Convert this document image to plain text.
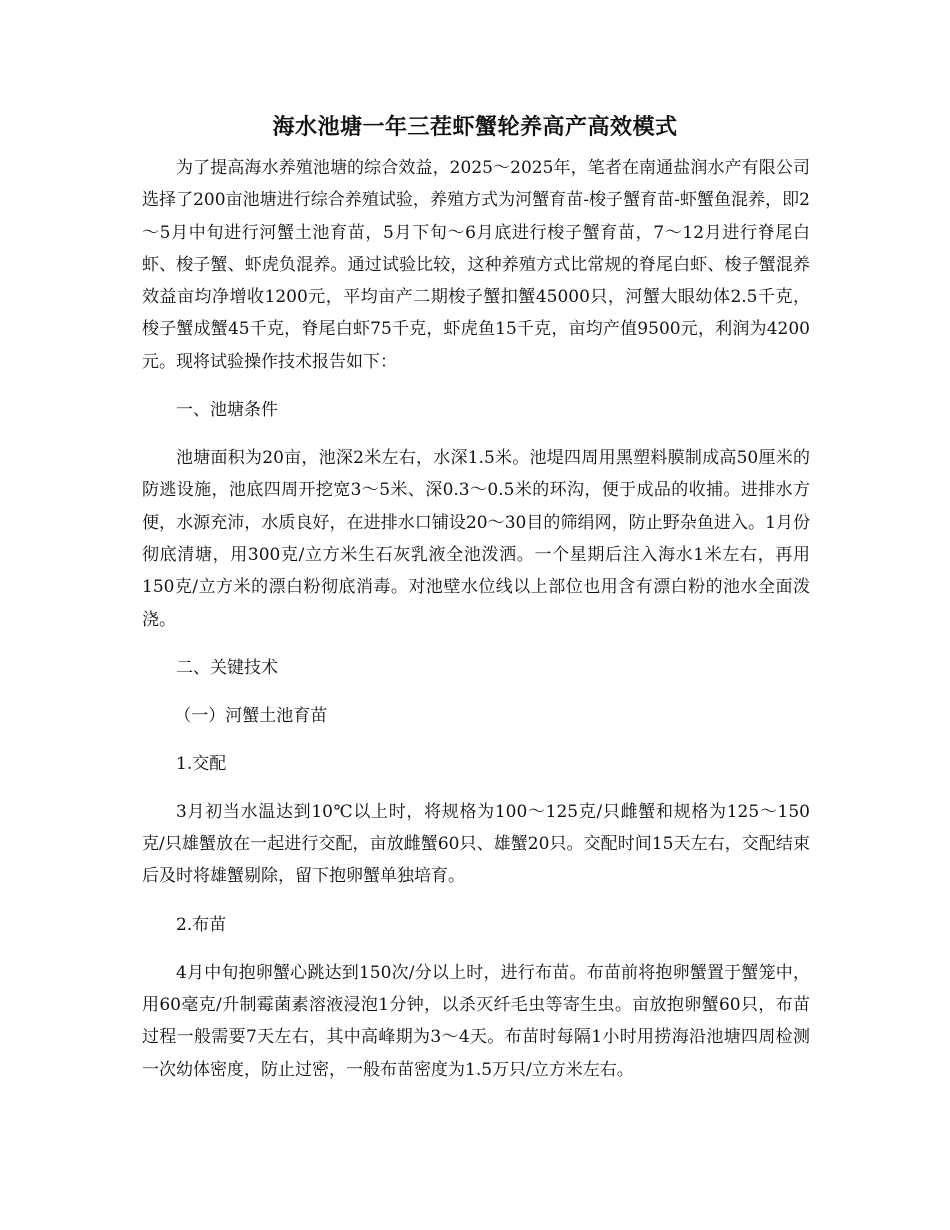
海水池塘一年三茬虾蟹轮养高产高效模式

为了提高海水养殖池塘的综合效益，2025～2025年，笔者在南通盐润水产有限公司选择了200亩池塘进行综合养殖试验，养殖方式为河蟹育苗-梭子蟹育苗-虾蟹鱼混养，即2～5月中旬进行河蟹土池育苗，5月下旬～6月底进行梭子蟹育苗，7～12月进行脊尾白虾、梭子蟹、虾虎负混养。通过试验比较，这种养殖方式比常规的脊尾白虾、梭子蟹混养效益亩均净增收1200元，平均亩产二期梭子蟹扣蟹45000只，河蟹大眼幼体2.5千克，梭子蟹成蟹45千克，脊尾白虾75千克，虾虎鱼15千克，亩均产值9500元，利润为4200元。现将试验操作技术报告如下：

一、池塘条件

池塘面积为20亩，池深2米左右，水深1.5米。池堤四周用黑塑料膜制成高50厘米的防逃设施，池底四周开挖宽3～5米、深0.3～0.5米的环沟，便于成品的收捕。进排水方便，水源充沛，水质良好，在进排水口铺设20～30目的筛绢网，防止野杂鱼进入。1月份彻底清塘，用300克/立方米生石灰乳液全池泼洒。一个星期后注入海水1米左右，再用150克/立方米的漂白粉彻底消毒。对池壁水位线以上部位也用含有漂白粉的池水全面泼浇。

二、关键技术

（一）河蟹土池育苗

1.交配

3月初当水温达到10℃以上时，将规格为100～125克/只雌蟹和规格为125～150克/只雄蟹放在一起进行交配，亩放雌蟹60只、雄蟹20只。交配时间15天左右，交配结束后及时将雄蟹剔除，留下抱卵蟹单独培育。

2.布苗

4月中旬抱卵蟹心跳达到150次/分以上时，进行布苗。布苗前将抱卵蟹置于蟹笼中，用60毫克/升制霉菌素溶液浸泡1分钟，以杀灭纤毛虫等寄生虫。亩放抱卵蟹60只，布苗过程一般需要7天左右，其中高峰期为3～4天。布苗时每隔1小时用捞海沿池塘四周检测一次幼体密度，防止过密，一般布苗密度为1.5万只/立方米左右。
